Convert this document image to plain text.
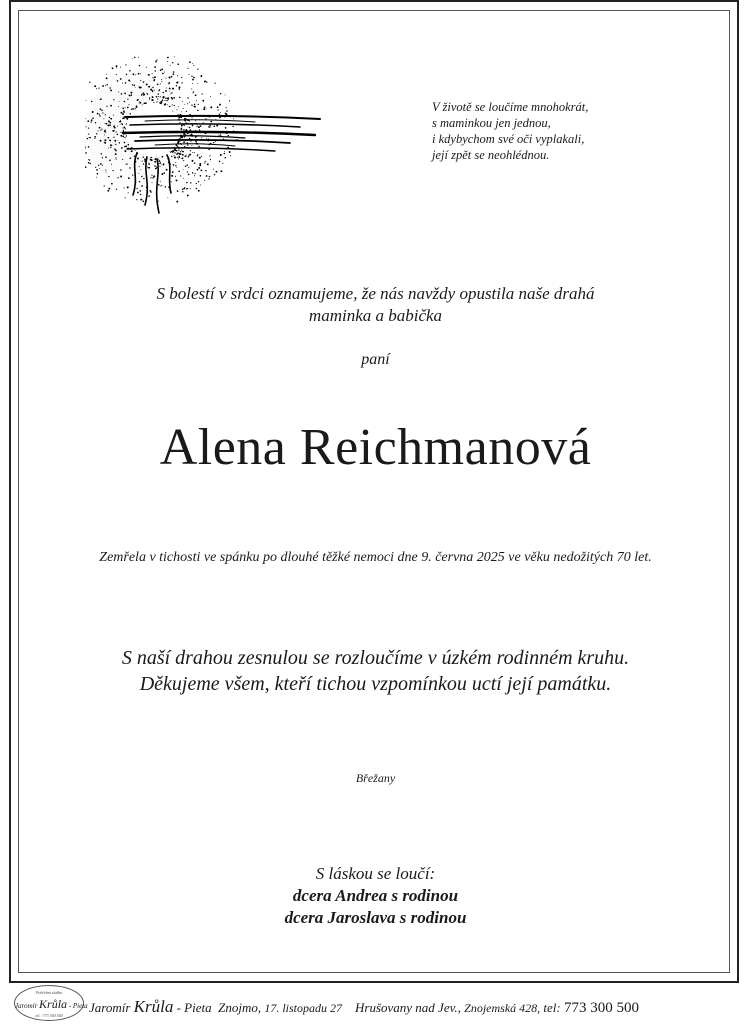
V životě se loučíme mnohokrát,
s maminkou jen jednou,
i kdybychom své oči vyplakali,
její zpět se neohlédnou.
S bolestí v srdci oznamujeme, že nás navždy opustila naše drahá
maminka a babička
paní
Alena Reichmanová
Zemřela v tichosti ve spánku po dlouhé těžké nemoci dne 9. června 2025 ve věku nedožitých 70 let.
S naší drahou zesnulou se rozloučíme v úzkém rodinném kruhu.
Děkujeme všem, kteří tichou vzpomínkou uctí její památku.
Břežany
S láskou se loučí:
dcera Andrea s rodinou
dcera Jaroslava s rodinou
Pohřební služba
Jaromír Krůla - Pieta
tel.: 773 300 500
Jaromír Krůla - Pieta Znojmo, 17. listopadu 27 Hrušovany nad Jev., Znojemská 428, tel: 773 300 500
